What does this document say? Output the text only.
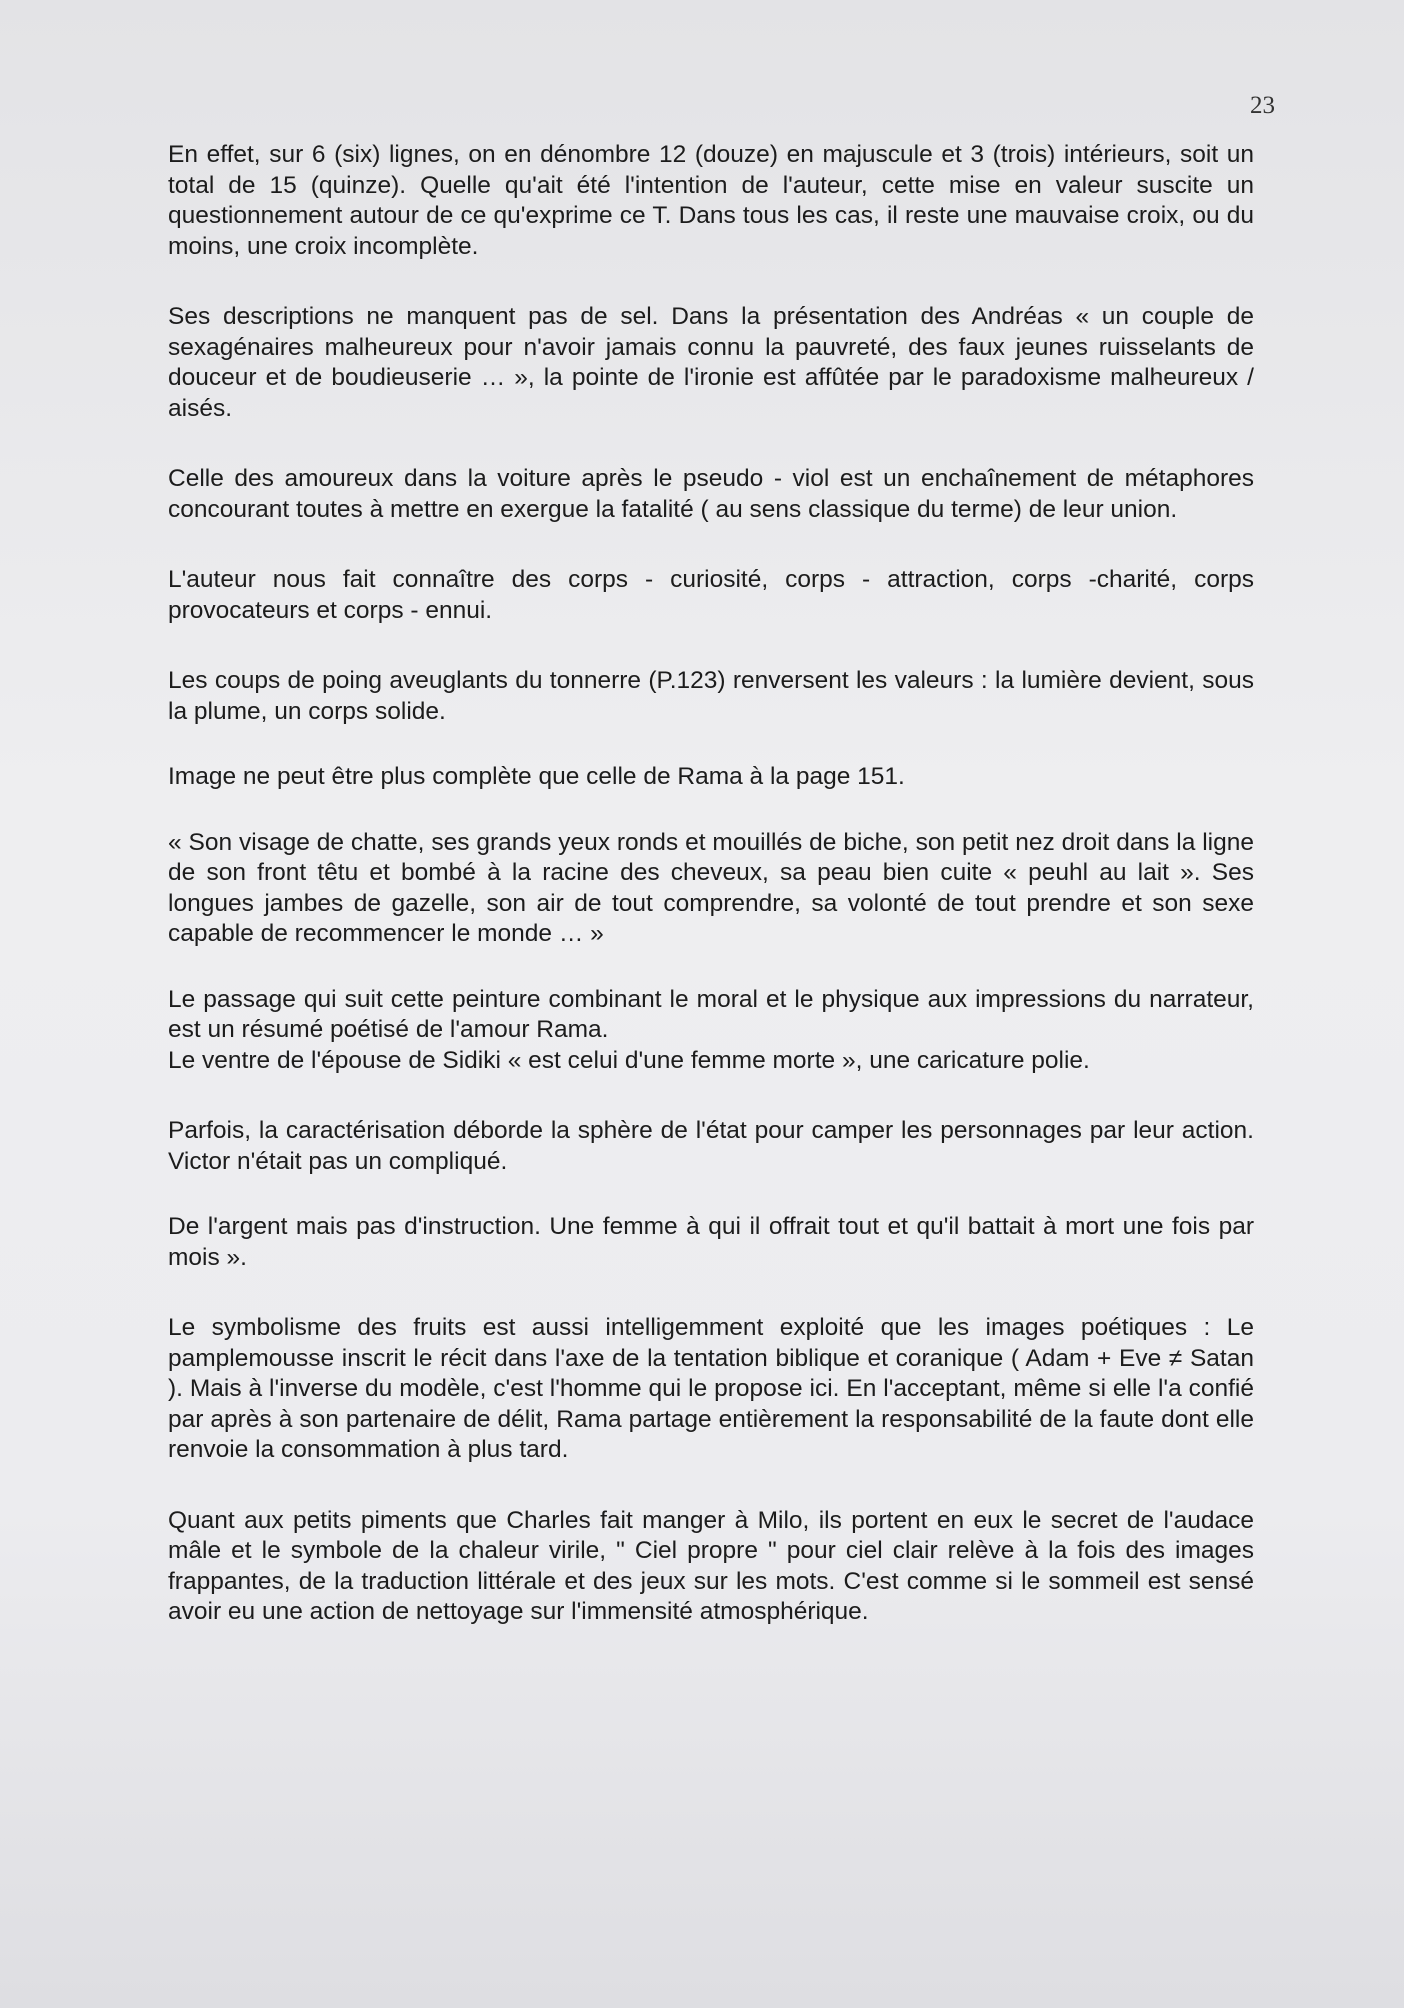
23

En effet, sur 6 (six) lignes, on en dénombre 12 (douze) en majuscule et 3 (trois) intérieurs, soit un total de 15 (quinze). Quelle qu'ait été l'intention de l'auteur, cette mise en valeur suscite un questionnement autour de ce qu'exprime ce T. Dans tous les cas, il reste une mauvaise croix, ou du moins, une croix incomplète.

Ses descriptions ne manquent pas de sel. Dans la présentation des Andréas « un couple de sexagénaires malheureux pour n'avoir jamais connu la pauvreté, des faux jeunes ruisselants de douceur et de boudieuserie … », la pointe de l'ironie est affûtée par le paradoxisme malheureux / aisés.

Celle des amoureux dans la voiture après le pseudo - viol est un enchaînement de métaphores concourant toutes à mettre en exergue la fatalité ( au sens classique du terme) de leur union.

L'auteur nous fait connaître des corps - curiosité, corps - attraction, corps -charité, corps provocateurs et corps - ennui.

Les coups de poing aveuglants du tonnerre (P.123) renversent les valeurs : la lumière devient, sous la plume, un corps solide.

Image ne peut être plus complète que celle de Rama à la page 151.

« Son visage de chatte, ses grands yeux ronds et mouillés de biche, son petit nez droit dans la ligne de son front têtu et bombé à la racine des cheveux, sa peau bien cuite « peuhl au lait ». Ses longues jambes de gazelle, son air de tout comprendre, sa volonté de tout prendre et son sexe capable de recommencer le monde … »

Le passage qui suit cette peinture combinant le moral et le physique aux impressions du narrateur, est un résumé poétisé de l'amour Rama.

Le ventre de l'épouse de Sidiki « est celui d'une femme morte », une caricature polie.

Parfois, la caractérisation déborde la sphère de l'état pour camper les personnages par leur action. Victor n'était pas un compliqué.

De l'argent mais pas d'instruction. Une femme à qui il offrait tout et qu'il battait à mort une fois par mois ».

Le symbolisme des fruits est aussi intelligemment exploité que les images poétiques : Le pamplemousse inscrit le récit dans l'axe de la tentation biblique et coranique ( Adam + Eve ≠ Satan ). Mais à l'inverse du modèle, c'est l'homme qui le propose ici. En l'acceptant, même si elle l'a confié par après à son partenaire de délit, Rama partage entièrement la responsabilité de la faute dont elle renvoie la consommation à plus tard.

Quant aux petits piments que Charles fait manger à Milo, ils portent en eux le secret de l'audace mâle et le symbole de la chaleur virile, " Ciel propre " pour ciel clair relève à la fois des images frappantes, de la traduction littérale et des jeux sur les mots. C'est comme si le sommeil est sensé avoir eu une action de nettoyage sur l'immensité atmosphérique.
